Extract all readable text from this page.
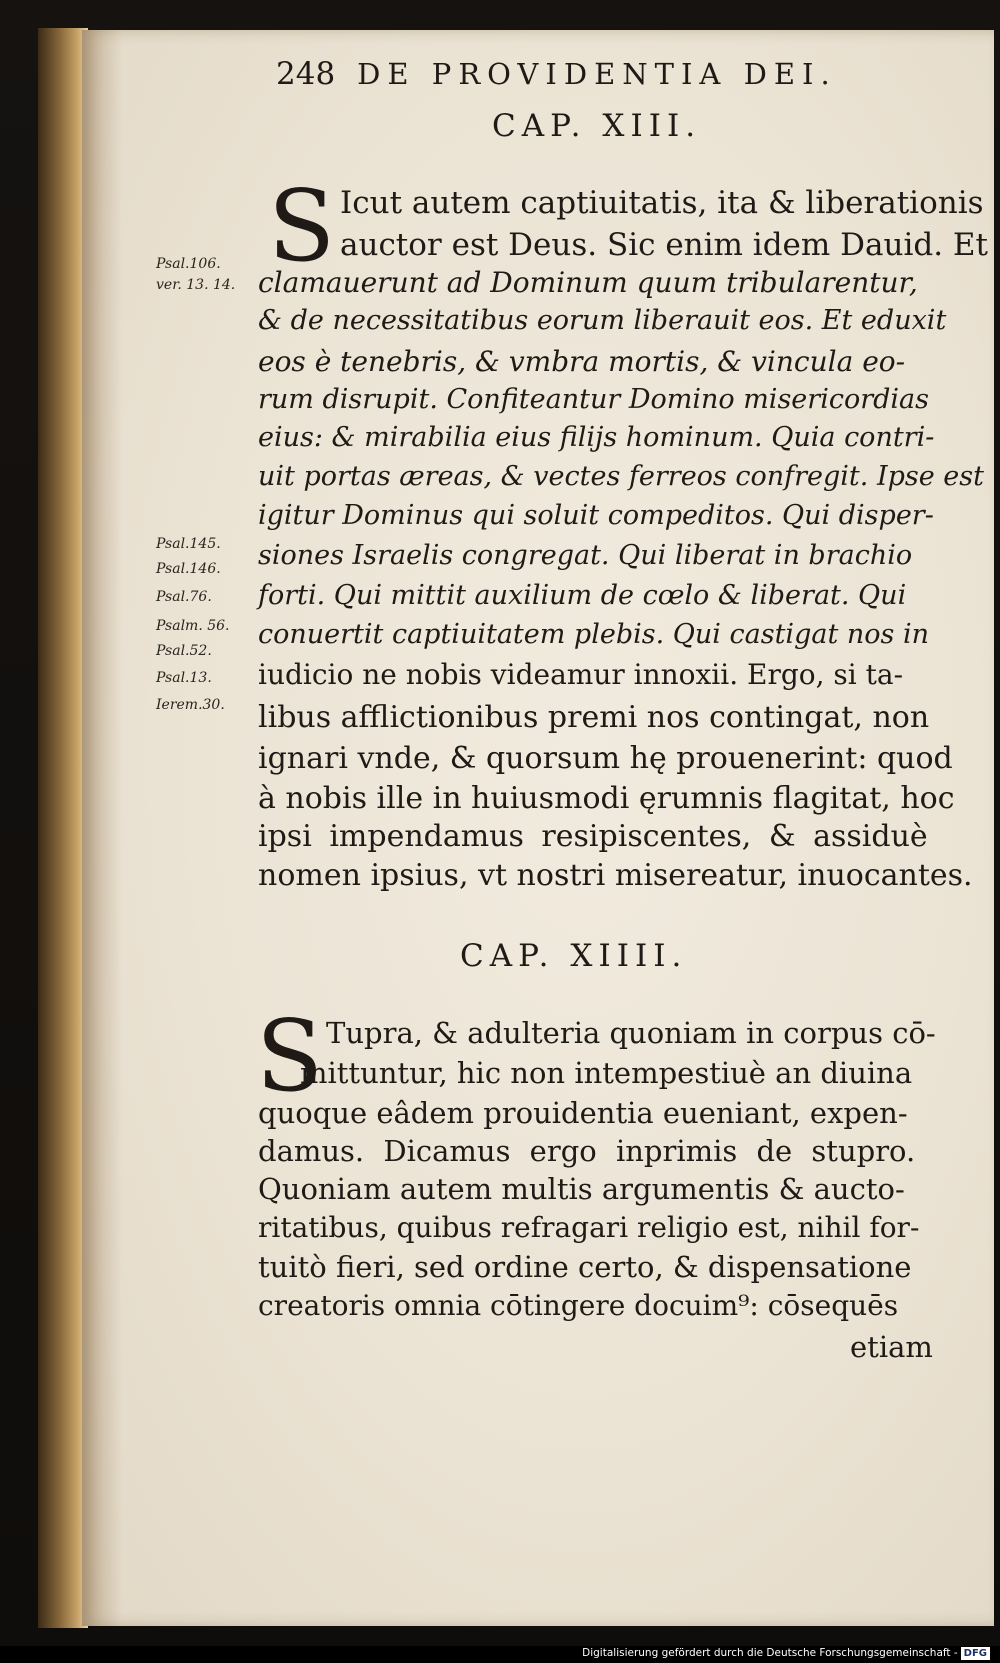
248 DE PROVIDENTIA DEI.
CAP. XIII.
S Icut autem captiuitatis, ita & liberationis
auctor est Deus. Sic enim idem Dauid. Et
clamauerunt ad Dominum quum tribularentur,
& de necessitatibus eorum liberauit eos. Et eduxit
eos è tenebris, & vmbra mortis, & vincula eo-
rum disrupit. Confiteantur Domino misericordias
eius: & mirabilia eius filijs hominum. Quia contri-
uit portas æreas, & vectes ferreos confregit. Ipse est
igitur Dominus qui soluit compeditos. Qui disper-
siones Israelis congregat. Qui liberat in brachio
forti. Qui mittit auxilium de cœlo & liberat. Qui
conuertit captiuitatem plebis. Qui castigat nos in
iudicio ne nobis videamur innoxii. Ergo, si ta-
libus afflictionibus premi nos contingat, non
ignari vnde, & quorsum hę prouenerint: quod
à nobis ille in huiusmodi ęrumnis flagitat, hoc
ipsi impendamus resipiscentes, & assiduè
nomen ipsius, vt nostri misereatur, inuocantes.
Psal.106.
ver. 13. 14.
Psal.145.
Psal.146.
Psal.76.
Psalm. 56.
Psal.52.
Psal.13.
Ierem.30.
CAP. XIIII.
S Tupra, & adulteria quoniam in corpus cō-
mittuntur, hic non intempestiuè an diuina
quoque eâdem prouidentia eueniant, expen-
damus. Dicamus ergo inprimis de stupro.
Quoniam autem multis argumentis & aucto-
ritatibus, quibus refragari religio est, nihil for-
tuitò fieri, sed ordine certo, & dispensatione
creatoris omnia cōtingere docuim⁹: cōsequēs
etiam
Digitalisierung gefördert durch die Deutsche Forschungsgemeinschaft - DFG
